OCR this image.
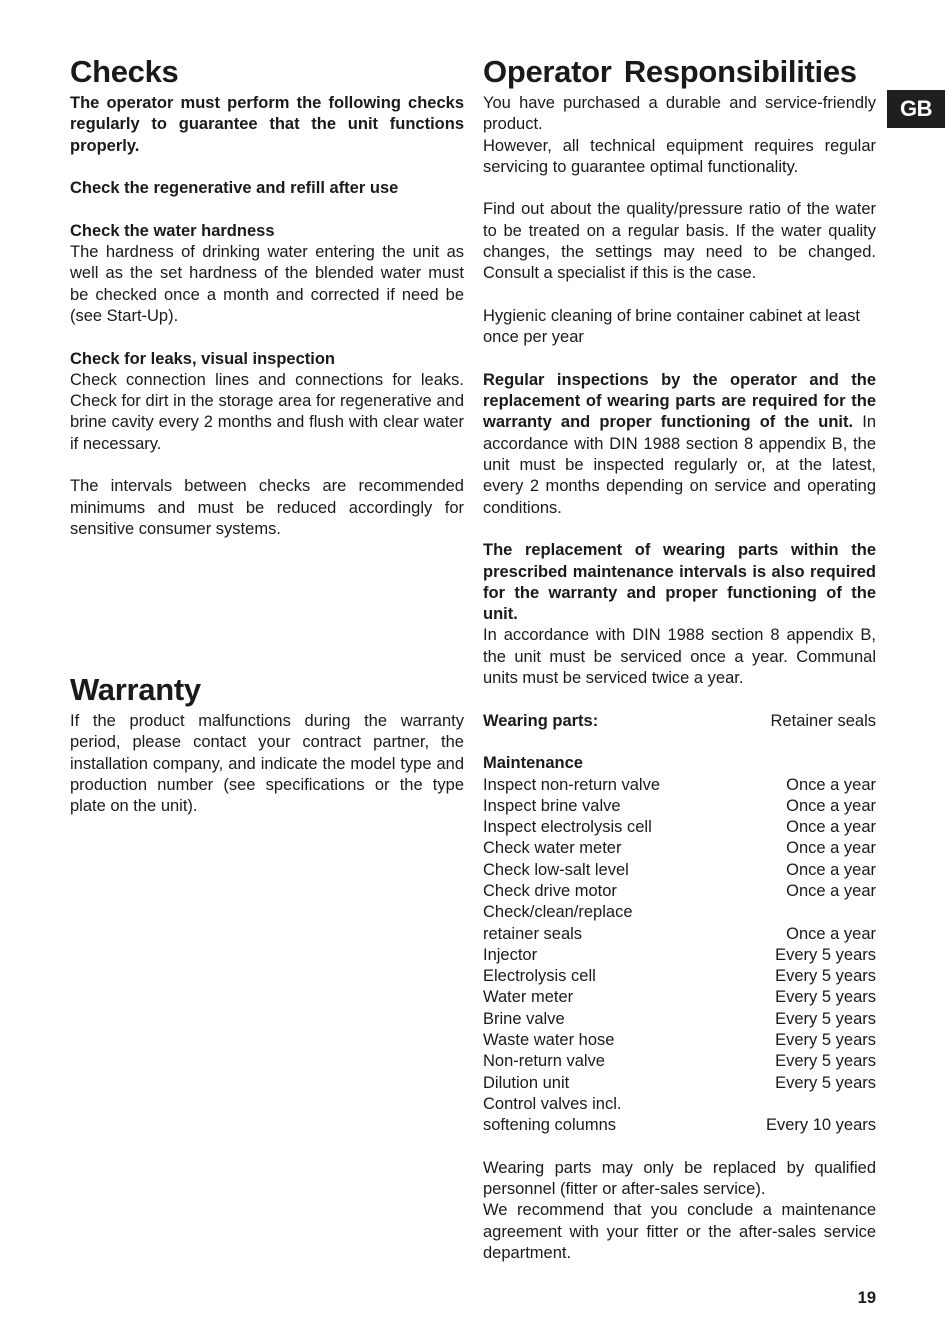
GB
Checks

The operator must perform the following checks regularly to guarantee that the unit functions properly.

Check the regenerative and refill after use

Check the water hardness

The hardness of drinking water entering the unit as well as the set hardness of the blended water must be checked once a month and corrected if need be (see Start-Up).

Check for leaks, visual inspection

Check connection lines and connections for leaks. Check for dirt in the storage area for regenerative and brine cavity every 2 months and flush with clear water if necessary.

The intervals between checks are recommended minimums and must be reduced accordingly for sensitive consumer systems.

Warranty

If the product malfunctions during the warranty period, please contact your contract partner, the installation company, and indicate the model type and production number (see specifications or the type plate on the unit).

Operator Responsibilities

You have purchased a durable and service-friendly product.

However, all technical equipment requires regular servicing to guarantee optimal functionality.

Find out about the quality/pressure ratio of the water to be treated on a regular basis. If the water quality changes, the settings may need to be changed. Consult a specialist if this is the case.

Hygienic cleaning of brine container cabinet at least once per year

Regular inspections by the operator and the replacement of wearing parts are required for the warranty and proper functioning of the unit. In accordance with DIN 1988 section 8 appendix B, the unit must be inspected regularly or, at the latest, every 2 months depending on service and operating conditions.

The replacement of wearing parts within the prescribed maintenance intervals is also required for the warranty and proper functioning of the unit.

In accordance with DIN 1988 section 8 appendix B, the unit must be serviced once a year. Communal units must be serviced twice a year.

Wearing parts:	Retainer seals

Maintenance

Inspect non-return valve	Once a year
Inspect brine valve	Once a year
Inspect electrolysis cell	Once a year
Check water meter	Once a year
Check low-salt level	Once a year
Check drive motor	Once a year
Check/clean/replace
retainer seals	Once a year
Injector	Every 5 years
Electrolysis cell	Every 5 years
Water meter	Every 5 years
Brine valve	Every 5 years
Waste water hose	Every 5 years
Non-return valve	Every 5 years
Dilution unit	Every 5 years
Control valves incl.
softening columns	Every 10 years

Wearing parts may only be replaced by qualified personnel (fitter or after-sales service).

We recommend that you conclude a maintenance agreement with your fitter or the after-sales service department.

19
